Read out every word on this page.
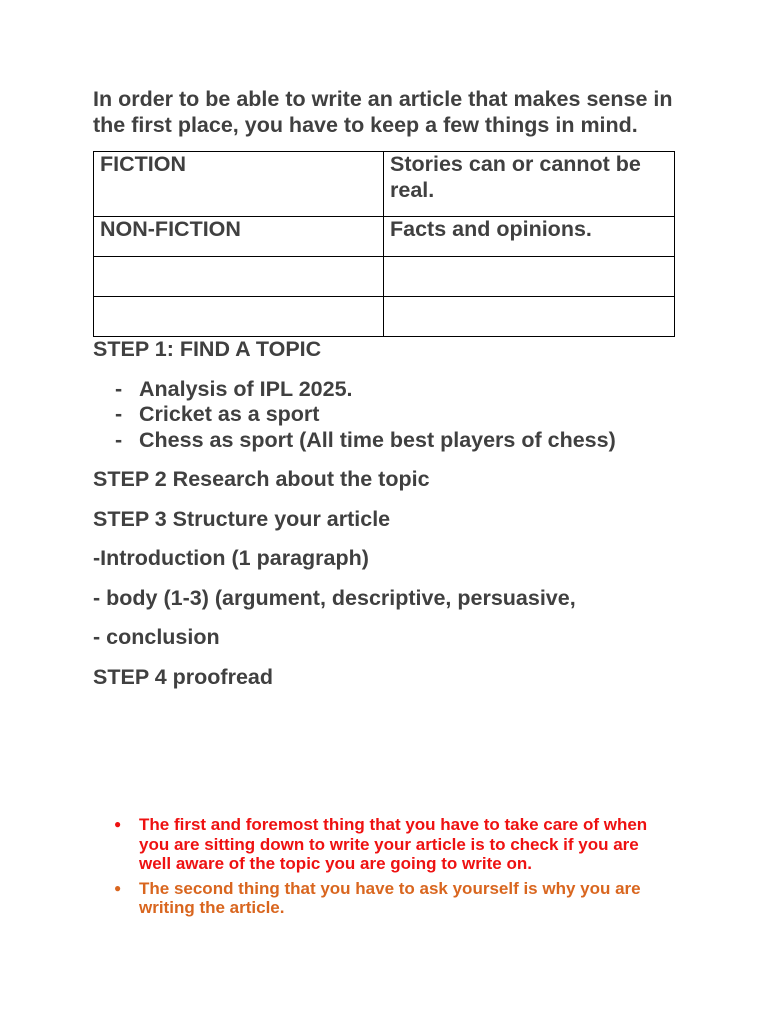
In order to be able to write an article that makes sense in the first place, you have to keep a few things in mind.

FICTION	Stories can or cannot be real.
NON-FICTION	Facts and opinions.

STEP 1: FIND A TOPIC

- Analysis of IPL 2025.
- Cricket as a sport
- Chess as sport (All time best players of chess)

STEP 2 Research about the topic

STEP 3 Structure your article

-Introduction (1 paragraph)

- body (1-3) (argument, descriptive, persuasive,

- conclusion

STEP 4 proofread

● The first and foremost thing that you have to take care of when you are sitting down to write your article is to check if you are well aware of the topic you are going to write on.
● The second thing that you have to ask yourself is why you are writing the article.
